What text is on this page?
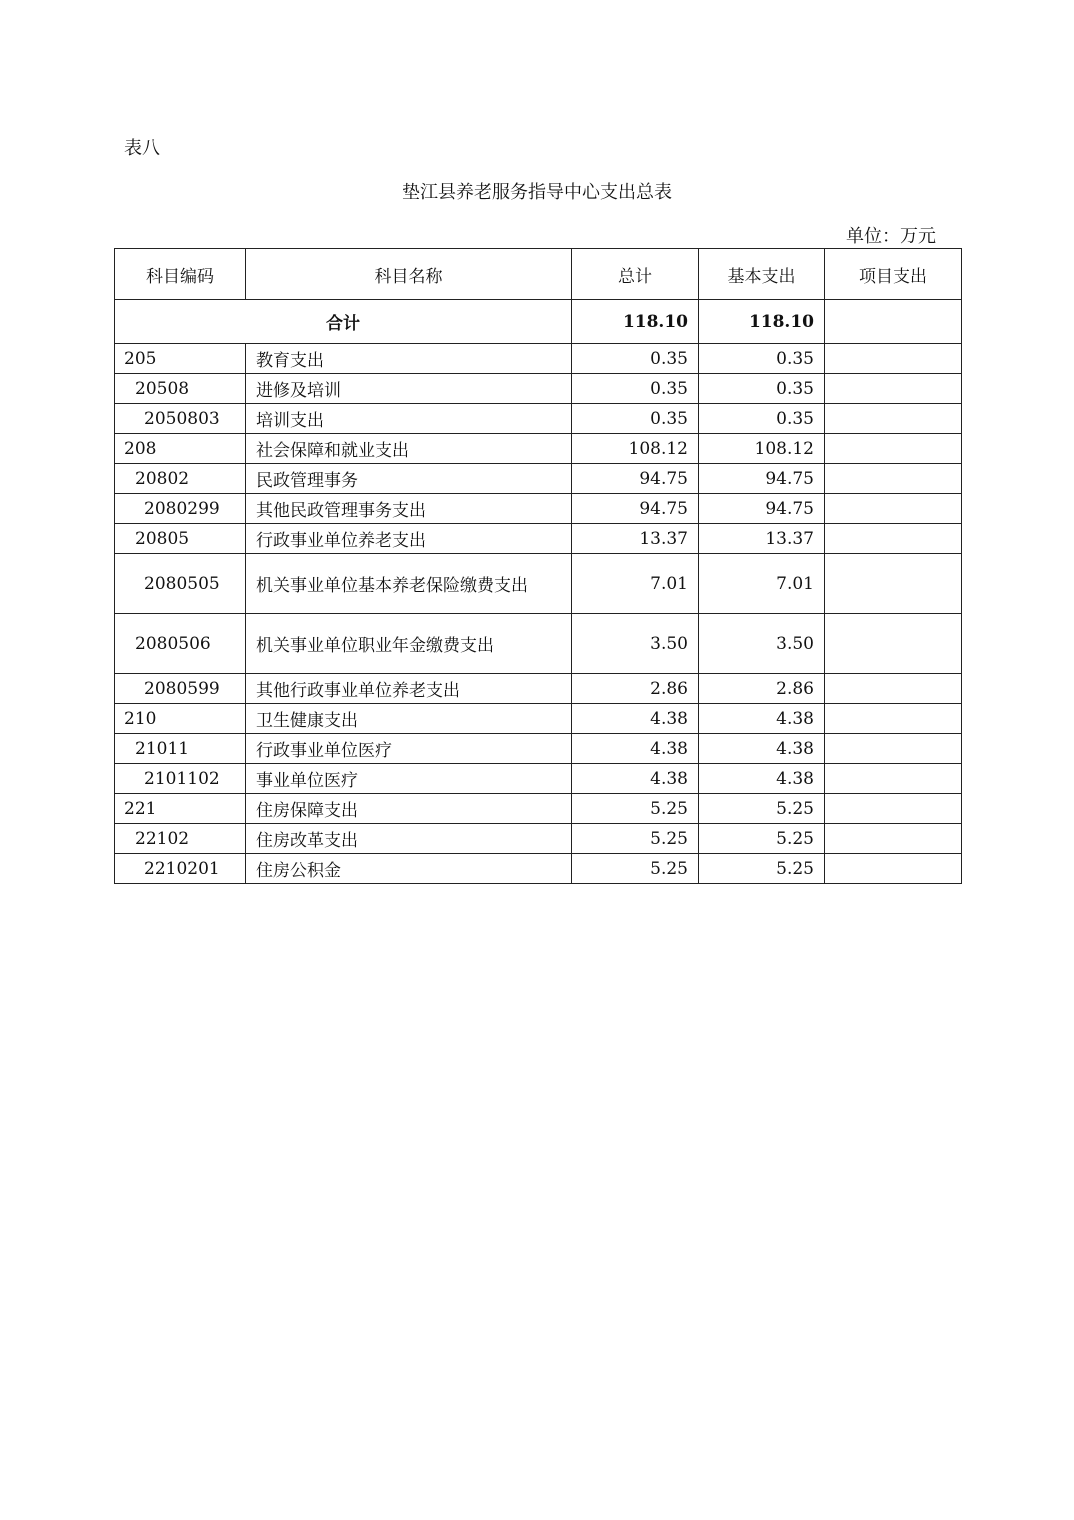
表八
垫江县养老服务指导中心支出总表
单位：万元
科目编码	科目名称	总计	基本支出	项目支出
合计		118.10	118.10	
205	教育支出	0.35	0.35	
20508	进修及培训	0.35	0.35	
2050803	培训支出	0.35	0.35	
208	社会保障和就业支出	108.12	108.12	
20802	民政管理事务	94.75	94.75	
2080299	其他民政管理事务支出	94.75	94.75	
20805	行政事业单位养老支出	13.37	13.37	
2080505	机关事业单位基本养老保险缴费支出	7.01	7.01	
2080506	机关事业单位职业年金缴费支出	3.50	3.50	
2080599	其他行政事业单位养老支出	2.86	2.86	
210	卫生健康支出	4.38	4.38	
21011	行政事业单位医疗	4.38	4.38	
2101102	事业单位医疗	4.38	4.38	
221	住房保障支出	5.25	5.25	
22102	住房改革支出	5.25	5.25	
2210201	住房公积金	5.25	5.25	
